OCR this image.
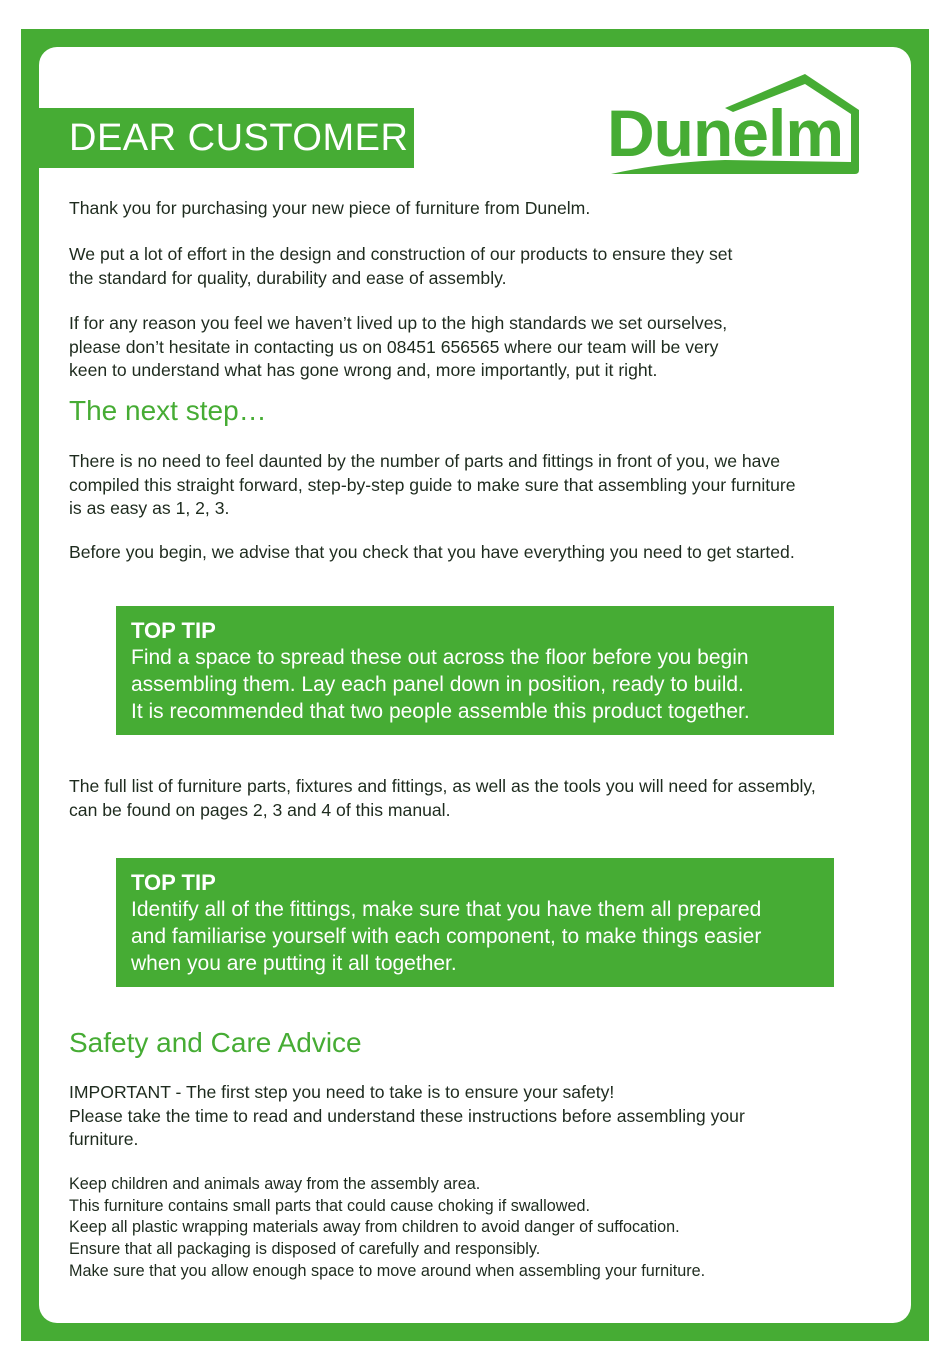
DEAR CUSTOMER	Dunelm
Thank you for purchasing your new piece of furniture from Dunelm.
We put a lot of effort in the design and construction of our products to ensure they set
the standard for quality, durability and ease of assembly.
If for any reason you feel we haven’t lived up to the high standards we set ourselves,
please don’t hesitate in contacting us on 08451 656565 where our team will be very
keen to understand what has gone wrong and, more importantly, put it right.
The next step…
There is no need to feel daunted by the number of parts and fittings in front of you, we have
compiled this straight forward, step-by-step guide to make sure that assembling your furniture
is as easy as 1, 2, 3.
Before you begin, we advise that you check that you have everything you need to get started.
TOP TIP
Find a space to spread these out across the floor before you begin
assembling them. Lay each panel down in position, ready to build.
It is recommended that two people assemble this product together.
The full list of furniture parts, fixtures and fittings, as well as the tools you will need for assembly,
can be found on pages 2, 3 and 4 of this manual.
TOP TIP
Identify all of the fittings, make sure that you have them all prepared
and familiarise yourself with each component, to make things easier
when you are putting it all together.
Safety and Care Advice
IMPORTANT - The first step you need to take is to ensure your safety!
Please take the time to read and understand these instructions before assembling your
furniture.
Keep children and animals away from the assembly area.
This furniture contains small parts that could cause choking if swallowed.
Keep all plastic wrapping materials away from children to avoid danger of suffocation.
Ensure that all packaging is disposed of carefully and responsibly.
Make sure that you allow enough space to move around when assembling your furniture.
